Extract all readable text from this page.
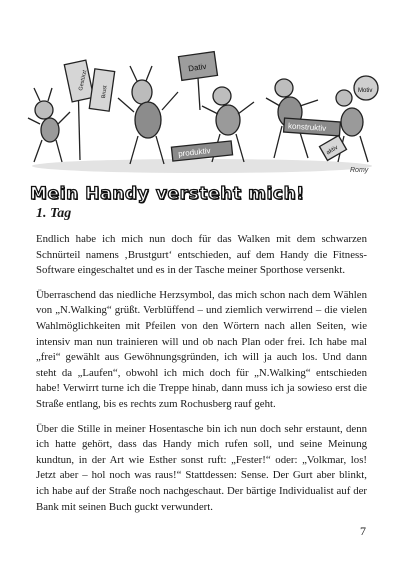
Dativ
Gestürzt
Brust
konstruktiv
produktiv
Motiv
aktiv
Romy
Mein Handy versteht mich!
1. Tag

Endlich habe ich mich nun doch für das Walken mit dem schwarzen Schnürteil namens ‚Brustgurt‘ entschieden, auf dem Handy die Fitness-Software eingeschaltet und es in der Tasche meiner Sporthose versenkt.

Überraschend das niedliche Herzsymbol, das mich schon nach dem Wählen von „N.Walking“ grüßt. Verblüffend – und ziemlich verwirrend – die vielen Wahlmöglichkeiten mit Pfeilen von den Wörtern nach allen Seiten, wie intensiv man nun trainieren will und ob nach Plan oder frei. Ich habe mal „frei“ gewählt aus Gewöhnungsgründen, ich will ja auch los. Und dann steht da „Laufen“, obwohl ich mich doch für „N.Walking“ entschieden habe! Verwirrt turne ich die Treppe hinab, dann muss ich ja sowieso erst die Straße entlang, bis es rechts zum Rochusberg rauf geht.

Über die Stille in meiner Hosentasche bin ich nun doch sehr erstaunt, denn ich hatte gehört, dass das Handy mich rufen soll, und seine Meinung kundtun, in der Art wie Esther sonst ruft: „Fester!“ oder: „Volkmar, los! Jetzt aber – hol noch was raus!“ Stattdessen: Sense. Der Gurt aber blinkt, ich habe auf der Straße noch nachgeschaut. Der bärtige Individualist auf der Bank mit seinen Buch guckt verwundert.

7
